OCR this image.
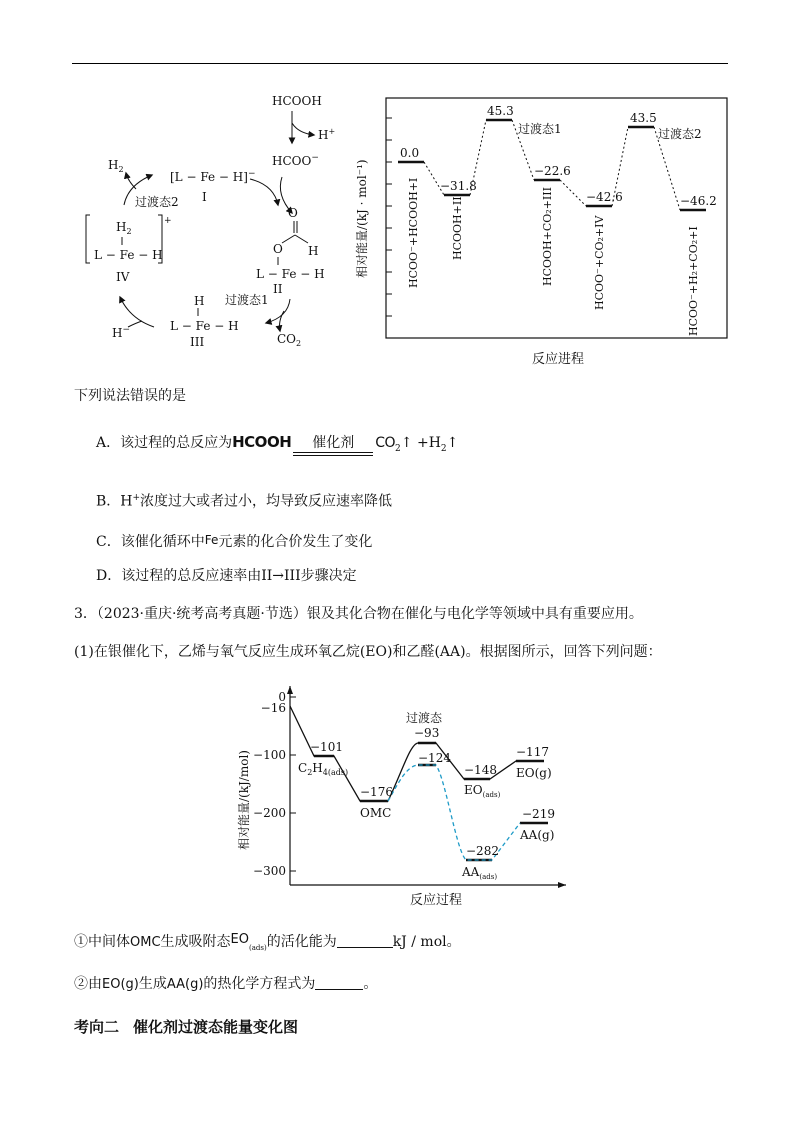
HCOOH
H+
HCOO−
O
O H
L − Fe − H
II
$CO_2$
过渡态1
H
L − Fe − H
III
H−
+
$H_2$
L − Fe − H
IV
$H_2$
过渡态2
[L − Fe − H]−
I	相对能量/(kJ · mol⁻¹)
反应进程
0.0
−31.8
45.3
过渡态1
−22.6
−42.6
43.5
过渡态2
−46.2
HCOO⁻+HCOOH+I	HCOOH+II	HCOOH+CO₂+III	HCOO⁻+CO₂+IV	HCOO⁻+H₂+CO₂+I
下列说法错误的是
A．该过程的总反应为HCOOH	催化剂	$CO_2↑$ $+H_2↑$
B．H+浓度过大或者过小，均导致反应速率降低
C．该催化循环中Fe元素的化合价发生了变化
D．该过程的总反应速率由II→III步骤决定
3．（2023·重庆·统考高考真题·节选）银及其化合物在催化与电化学等领域中具有重要应用。
(1)在银催化下，乙烯与氧气反应生成环氧乙烷(EO)和乙醛(AA)。根据图所示，回答下列问题：
0
−16
−100
−200
−300
相对能量/(kJ/mol)
反应过程
−101
$C_2H_{4(ads)}$
−176
OMC
过渡态
−93
−124
−148
$EO_{(ads)}$
−117
EO(g)
−282
$AA_{(ads)}$
−219
AA(g)
①中间体OMC生成吸附态$EO_{(ads)}$的活化能为	kJ / mol。
②由EO(g)生成AA(g)的热化学方程式为	。
考向二 催化剂过渡态能量变化图
